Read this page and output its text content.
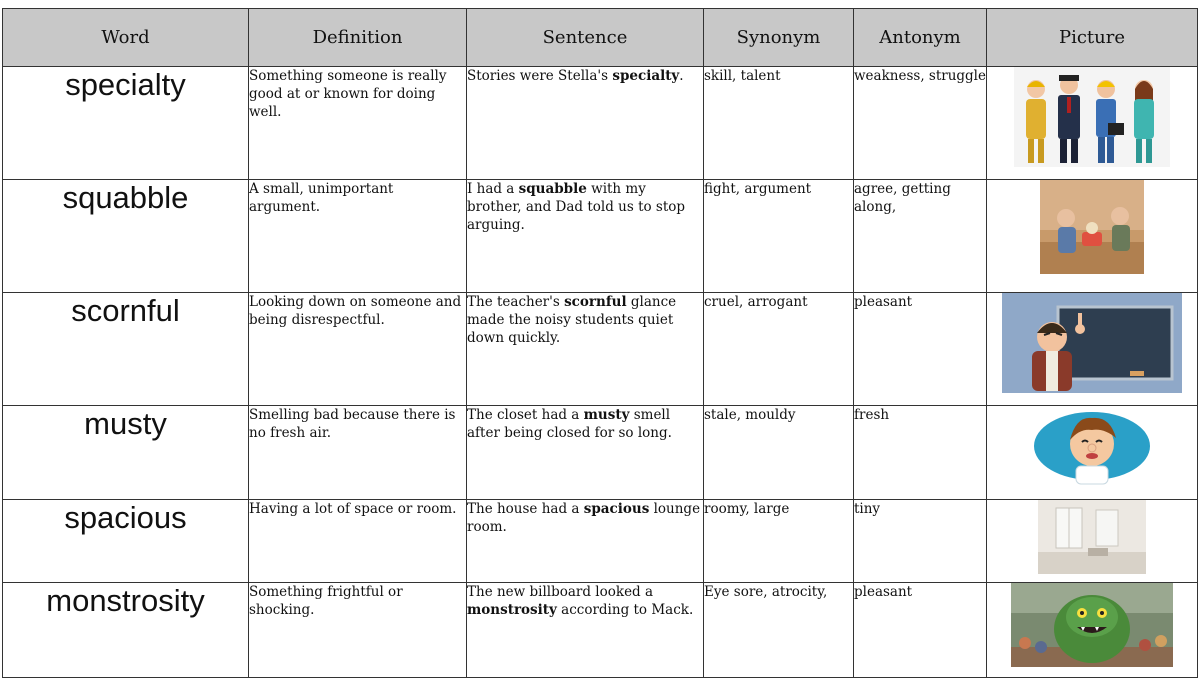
Word	Definition	Sentence	Synonym	Antonym	Picture
specialty	Something someone is really good at or known for doing well.	Stories were Stella's specialty.	skill, talent	weakness, struggle	

squabble	A small, unimportant argument.	I had a squabble with my brother, and Dad told us to stop arguing.	fight, argument	agree, getting along,	

scornful	Looking down on someone and being disrespectful.	The teacher's scornful glance made the noisy students quiet down quickly.	cruel, arrogant	pleasant	

musty	Smelling bad because there is no fresh air.	The closet had a musty smell after being closed for so long.	stale, mouldy	fresh	

spacious	Having a lot of space or room.	The house had a spacious lounge room.	roomy, large	tiny	

monstrosity	Something frightful or shocking.	The new billboard looked a monstrosity according to Mack.	Eye sore, atrocity,	pleasant	
